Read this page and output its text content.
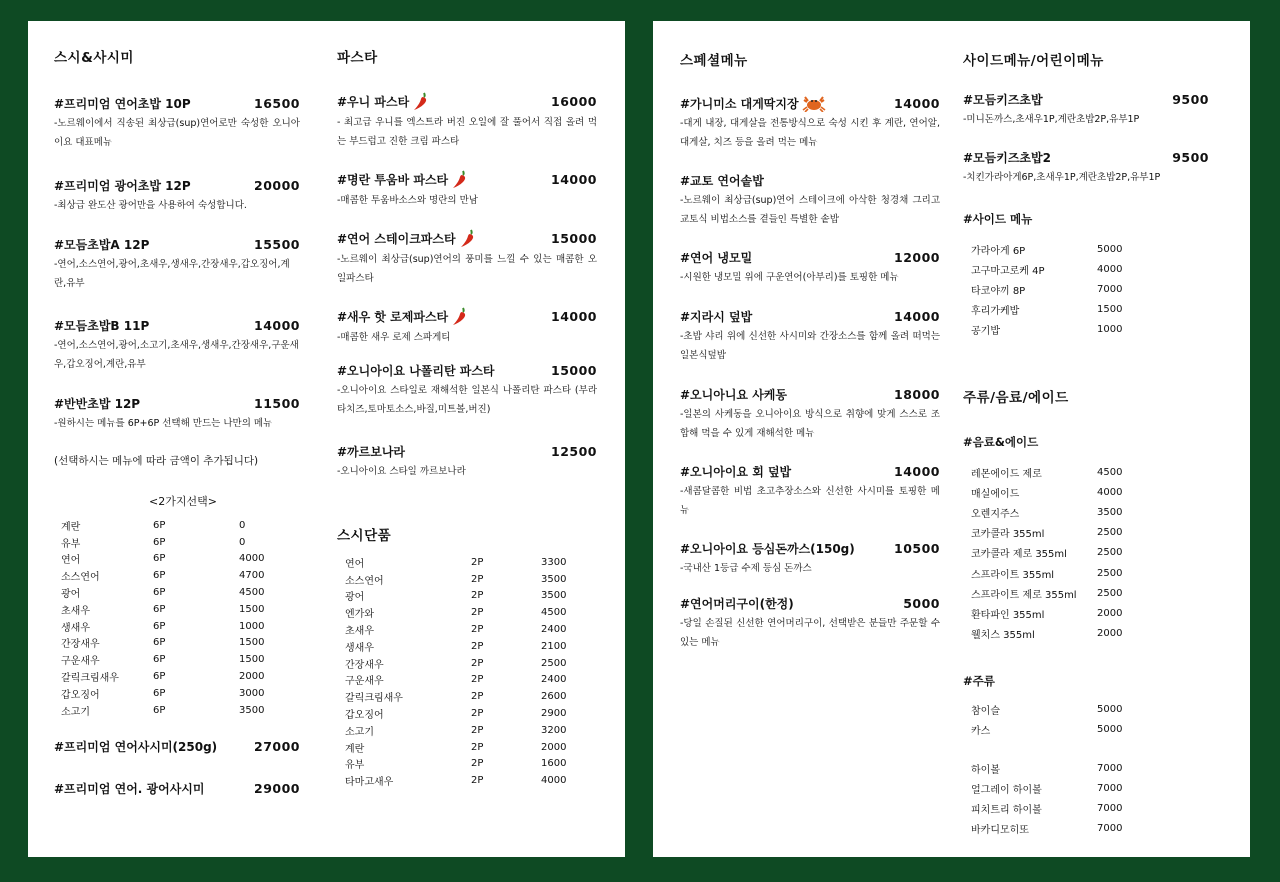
스시&사시미
#프리미엄 연어초밥 10P	16500
-노르웨이에서 직송된 최상급(sup)연어로만 숙성한 오니아이요 대표메뉴
#프리미엄 광어초밥 12P	20000
-최상급 완도산 광어만을 사용하여 숙성합니다.
#모듬초밥A 12P	15500
-연어,소스연어,광어,초새우,생새우,간장새우,갑오징어,계란,유부
#모듬초밥B 11P	14000
-연어,소스연어,광어,소고기,초새우,생새우,간장새우,구운새우,갑오징어,계란,유부
#반반초밥 12P	11500
-원하시는 메뉴를 6P+6P 선택해 만드는 나만의 메뉴
(선택하시는 메뉴에 따라 금액이 추가됩니다)
<2가지선택>
계란	6P	0
유부	6P	0
연어	6P	4000
소스연어	6P	4700
광어	6P	4500
초새우	6P	1500
생새우	6P	1000
간장새우	6P	1500
구운새우	6P	1500
갈릭크림새우	6P	2000
갑오징어	6P	3000
소고기	6P	3500
#프리미엄 연어사시미(250g)	27000
#프리미엄 연어. 광어사시미	29000
파스타
#우니 파스타	16000
- 최고급 우니를 엑스트라 버진 오일에 잘 풀어서 직접 올려 먹는 부드럽고 진한 크림 파스타
#명란 투움바 파스타	14000
-매콤한 투움바소스와 명란의 만남
#연어 스테이크파스타	15000
-노르웨이 최상급(sup)연어의 풍미를 느낄 수 있는 매콤한 오일파스타
#새우 핫 로제파스타	14000
-매콤한 새우 로제 스파게티
#오니아이요 나폴리탄 파스타	15000
-오니아이요 스타일로 재해석한 일본식 나폴리탄 파스타 (부라타치즈,토마토소스,바질,미트볼,버진)
#까르보나라	12500
-오니아이요 스타일 까르보나라
스시단품
연어	2P	3300
소스연어	2P	3500
광어	2P	3500
엔가와	2P	4500
초새우	2P	2400
생새우	2P	2100
간장새우	2P	2500
구운새우	2P	2400
갈릭크림새우	2P	2600
갑오징어	2P	2900
소고기	2P	3200
계란	2P	2000
유부	2P	1600
타마고새우	2P	4000
스페셜메뉴
#가니미소 대게딱지장	14000
-대게 내장, 대게살을 전통방식으로 숙성 시킨 후 계란, 연어알, 대게살, 치즈 등을 올려 먹는 메뉴
#교토 연어솥밥
-노르웨이 최상급(sup)연어 스테이크에 아삭한 청경채 그리고 교토식 비법소스를 곁들인 특별한 솥밥
#연어 냉모밀	12000
-시원한 냉모밀 위에 구운연어(아부리)를 토핑한 메뉴
#지라시 덮밥	14000
-초밥 샤리 위에 신선한 사시미와 간장소스를 함께 올려 떠먹는 일본식덮밥
#오니아니요 사케동	18000
-일본의 사케동을 오니아이요 방식으로 취향에 맞게 스스로 조합해 먹을 수 있게 재해석한 메뉴
#오니아이요 회 덮밥	14000
-새콤달콤한 비법 초고추장소스와 신선한 사시미를 토핑한 메뉴
#오니아이요 등심돈까스(150g)	10500
-국내산 1등급 수제 등심 돈까스
#연어머리구이(한정)	5000
-당일 손질된 신선한 연어머리구이, 선택받은 분들만 주문할 수 있는 메뉴
사이드메뉴/어린이메뉴
#모듬키즈초밥	9500
-미니돈까스,초새우1P,계란초밥2P,유부1P
#모듬키즈초밥2	9500
-치킨가라아게6P,초새우1P,계란초밥2P,유부1P
#사이드 메뉴
가라아게 6P	5000
고구마고로케 4P	4000
타코야끼 8P	7000
후리가케밥	1500
공기밥	1000
주류/음료/에이드
#음료&에이드
레몬에이드 제로	4500
매실에이드	4000
오렌지주스	3500
코카콜라 355ml	2500
코카콜라 제로 355ml	2500
스프라이트 355ml	2500
스프라이트 제로 355ml	2500
환타파인 355ml	2000
웰치스 355ml	2000
#주류
참이슬	5000
카스	5000
하이볼	7000
얼그레이 하이볼	7000
피치트리 하이볼	7000
바카디모히또	7000
